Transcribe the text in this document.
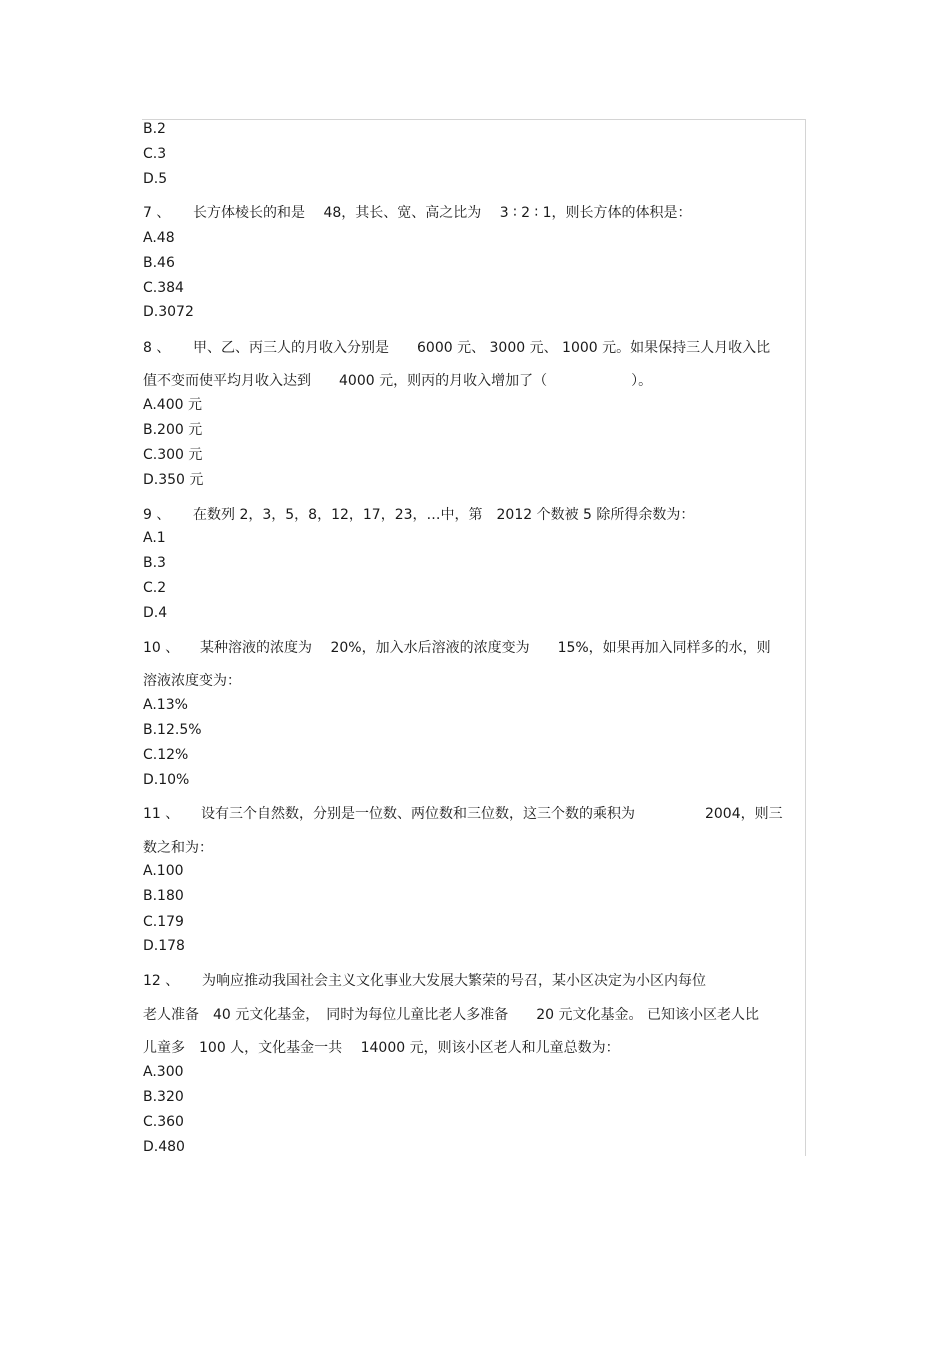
B.2
C.3
D.5
7 、 长方体棱长的和是　 48，其长、宽、高之比为　 3 ∶ 2 ∶ 1，则长方体的体积是：
A.48
B.46
C.384
D.3072
8 、 甲、乙、丙三人的月收入分别是　　6000 元、 3000 元、 1000 元。如果保持三人月收入比
值不变而使平均月收入达到　　4000 元，则丙的月收入增加了（　　　　　　）。
A.400 元
B.200 元
C.300 元
D.350 元
9 、 在数列 2，3，5，8，12，17，23，…中，第　2012 个数被 5 除所得余数为：
A.1
B.3
C.2
D.4
10 、 某种溶液的浓度为　 20%，加入水后溶液的浓度变为　　15%，如果再加入同样多的水，则
溶液浓度变为：
A.13%
B.12.5%
C.12%
D.10%
11 、 设有三个自然数，分别是一位数、两位数和三位数，这三个数的乘积为　　　　　2004，则三
数之和为：
A.100
B.180
C.179
D.178
12 、 为响应推动我国社会主义文化事业大发展大繁荣的号召，某小区决定为小区内每位
老人准备　40 元文化基金，　同时为每位儿童比老人多准备　　20 元文化基金。 已知该小区老人比
儿童多　100 人，文化基金一共　 14000 元，则该小区老人和儿童总数为：
A.300
B.320
C.360
D.480
